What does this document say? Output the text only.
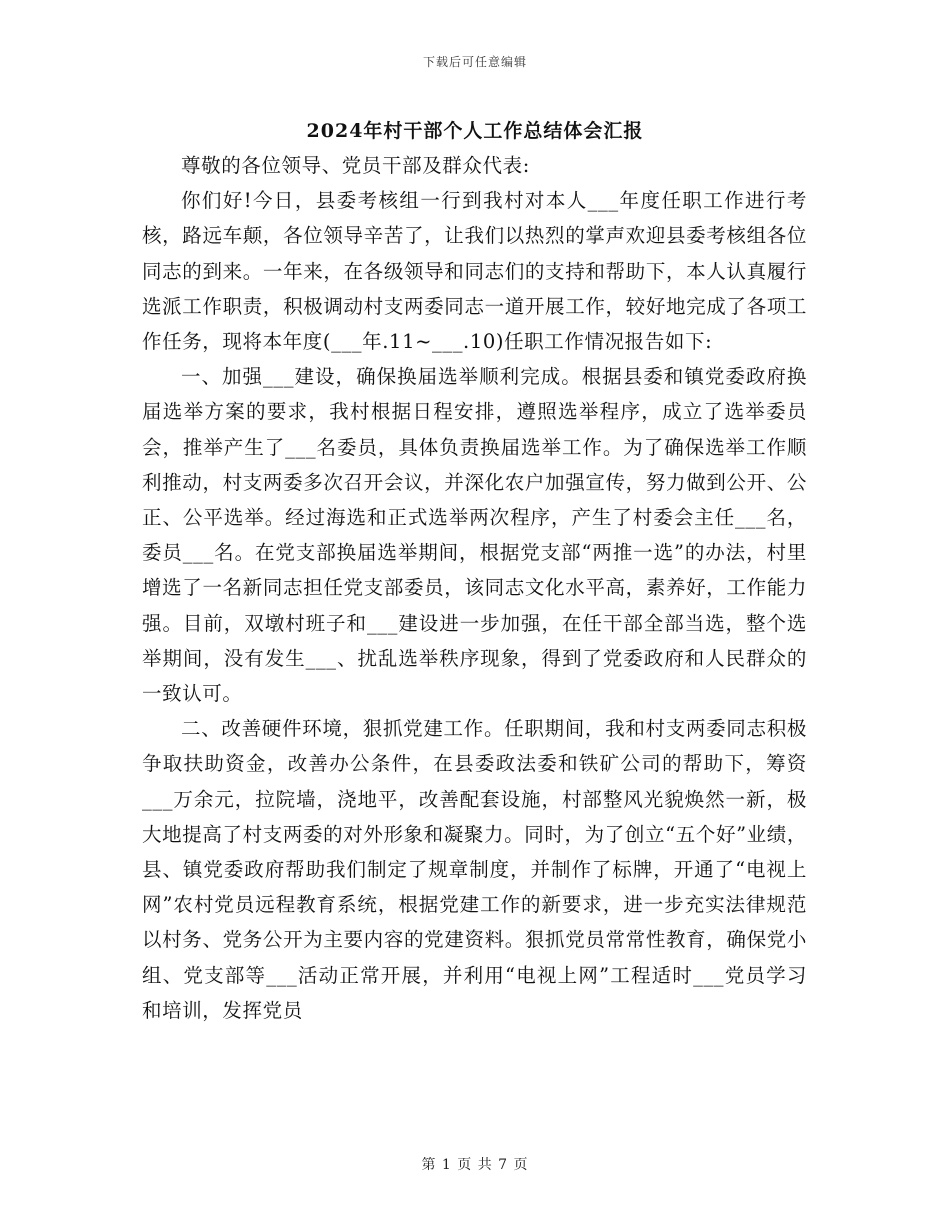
下载后可任意编辑
2024年村干部个人工作总结体会汇报

尊敬的各位领导、党员干部及群众代表:

你们好!今日，县委考核组一行到我村对本人___年度任职工作进行考核，路远车颠，各位领导辛苦了，让我们以热烈的掌声欢迎县委考核组各位同志的到来。一年来，在各级领导和同志们的支持和帮助下，本人认真履行选派工作职责，积极调动村支两委同志一道开展工作，较好地完成了各项工作任务，现将本年度(___年.11~___.10)任职工作情况报告如下:

一、加强___建设，确保换届选举顺利完成。根据县委和镇党委政府换届选举方案的要求，我村根据日程安排，遵照选举程序，成立了选举委员会，推举产生了___名委员，具体负责换届选举工作。为了确保选举工作顺利推动，村支两委多次召开会议，并深化农户加强宣传，努力做到公开、公正、公平选举。经过海选和正式选举两次程序，产生了村委会主任___名，委员___名。在党支部换届选举期间，根据党支部“两推一选”的办法，村里增选了一名新同志担任党支部委员，该同志文化水平高，素养好，工作能力强。目前，双墩村班子和___建设进一步加强，在任干部全部当选，整个选举期间，没有发生___、扰乱选举秩序现象，得到了党委政府和人民群众的一致认可。

二、改善硬件环境，狠抓党建工作。任职期间，我和村支两委同志积极争取扶助资金，改善办公条件，在县委政法委和铁矿公司的帮助下，筹资___万余元，拉院墙，浇地平，改善配套设施，村部整风光貌焕然一新，极大地提高了村支两委的对外形象和凝聚力。同时，为了创立“五个好”业绩，县、镇党委政府帮助我们制定了规章制度，并制作了标牌，开通了“电视上网”农村党员远程教育系统，根据党建工作的新要求，进一步充实法律规范以村务、党务公开为主要内容的党建资料。狠抓党员常常性教育，确保党小组、党支部等___活动正常开展，并利用“电视上网”工程适时___党员学习和培训，发挥党员

第 1 页 共 7 页
